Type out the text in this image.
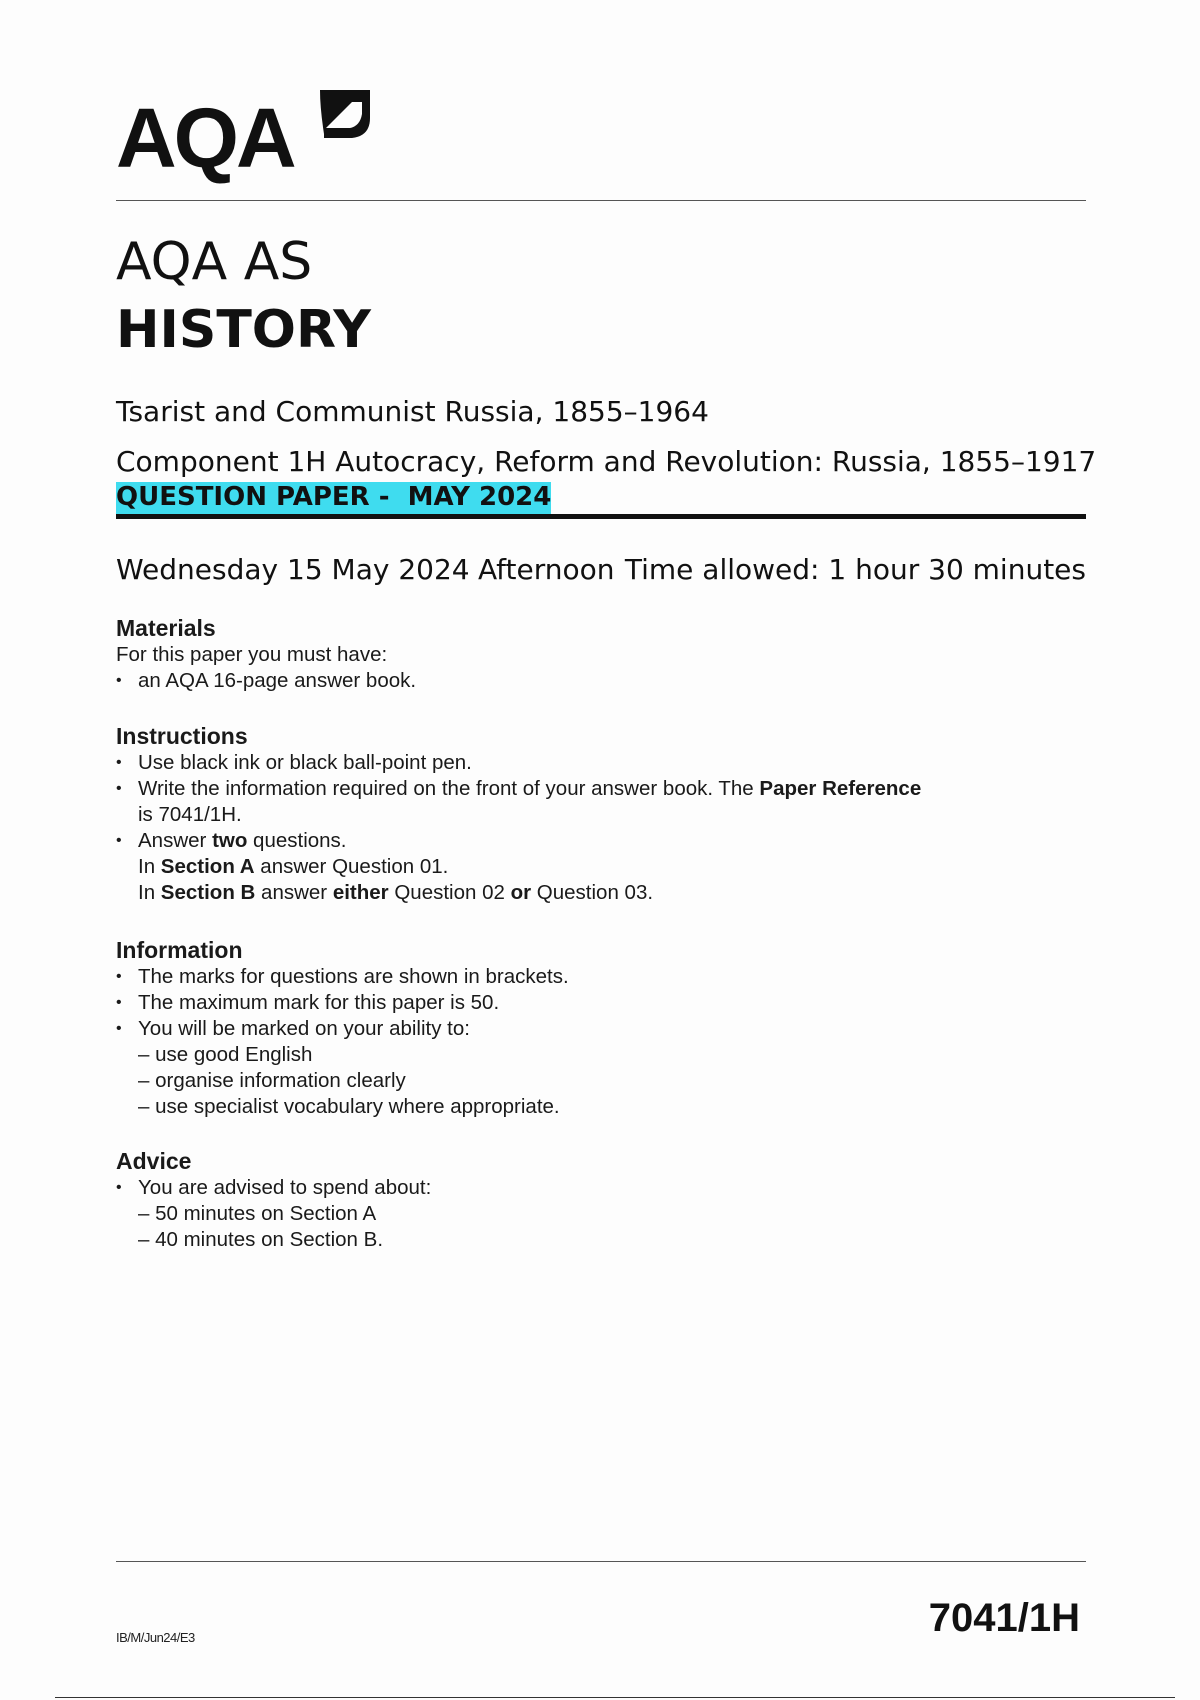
AQA
AQA AS
HISTORY
Tsarist and Communist Russia, 1855–1964
Component 1H Autocracy, Reform and Revolution: Russia, 1855–1917
QUESTION PAPER -  MAY 2024
Wednesday 15 May 2024 Afternoon Time allowed: 1 hour 30 minutes
Materials

For this paper you must have:

• an AQA 16-page answer book.

Instructions

• Use black ink or black ball-point pen.

• Write the information required on the front of your answer book. The Paper Reference
is 7041/1H.

• Answer two questions.

In Section A answer Question 01.

In Section B answer either Question 02 or Question 03.

Information

• The marks for questions are shown in brackets.

• The maximum mark for this paper is 50.

• You will be marked on your ability to:

– use good English

– organise information clearly

– use specialist vocabulary where appropriate.

Advice

• You are advised to spend about:

– 50 minutes on Section A

– 40 minutes on Section B.

IB/M/Jun24/E3	7041/1H
